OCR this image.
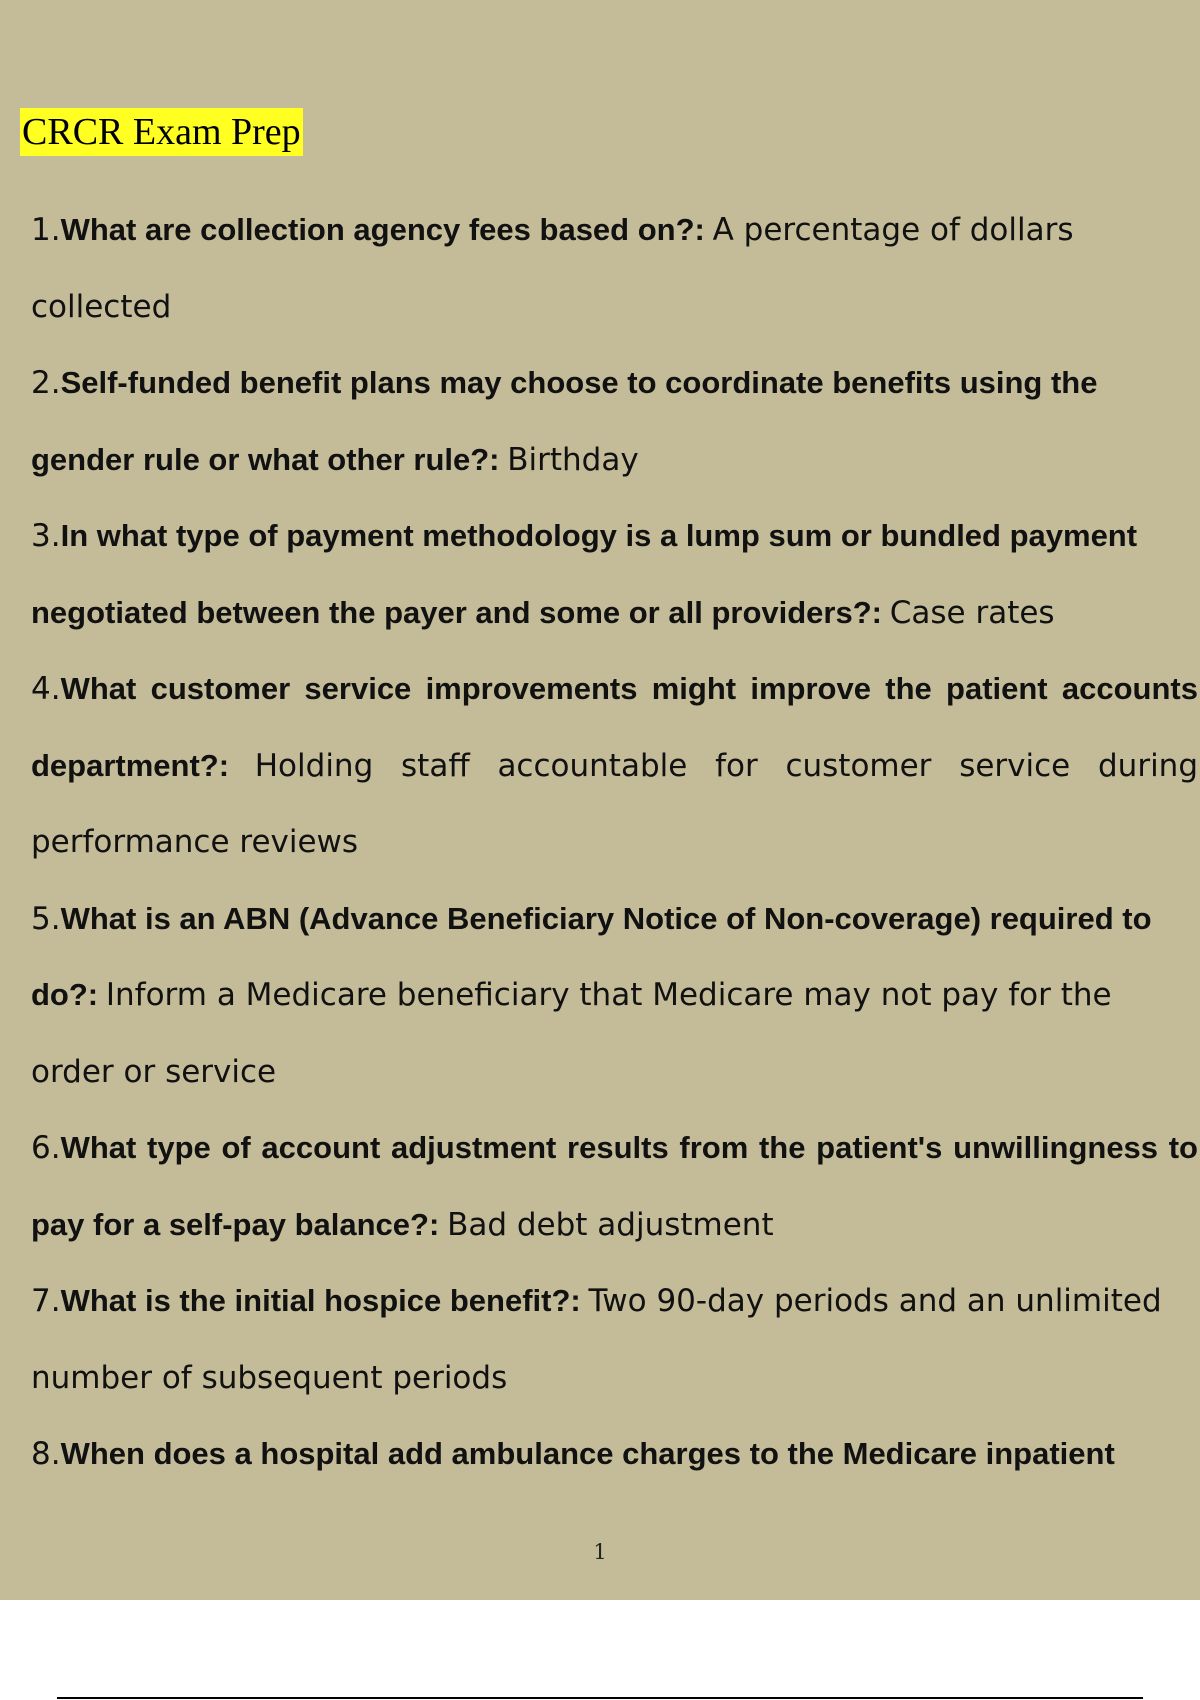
CRCR Exam Prep
1.What are collection agency fees based on?: A percentage of dollars collected
2.Self-funded benefit plans may choose to coordinate benefits using the gender rule or what other rule?: Birthday
3.In what type of payment methodology is a lump sum or bundled payment negotiated between the payer and some or all providers?: Case rates
4.What customer service improvements might improve the patient accounts department?: Holding staff accountable for customer service during performance reviews
5.What is an ABN (Advance Beneficiary Notice of Non-coverage) required to do?: Inform a Medicare beneficiary that Medicare may not pay for the order or service
6.What type of account adjustment results from the patient's unwillingness to pay for a self-pay balance?: Bad debt adjustment
7.What is the initial hospice benefit?: Two 90-day periods and an unlimited number of subsequent periods
8.When does a hospital add ambulance charges to the Medicare inpatient
1
